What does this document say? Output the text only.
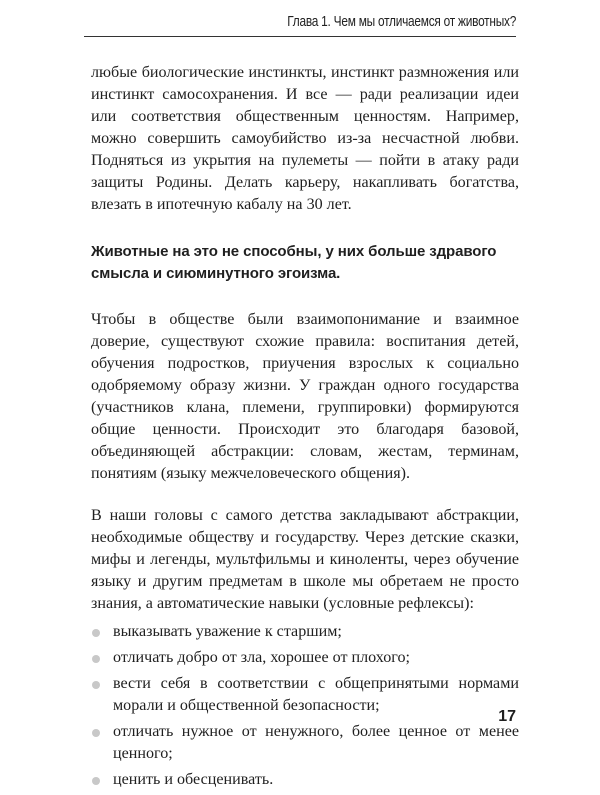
Глава 1. Чем мы отличаемся от животных?

любые биологические инстинкты, инстинкт размножения или инстинкт самосохранения. И все — ради реализации идеи или соответствия общественным ценностям. Например, можно совершить самоубийство из-за несчастной любви. Подняться из укрытия на пулеметы — пойти в атаку ради защиты Родины. Делать карьеру, накапливать богатства, влезать в ипотечную кабалу на 30 лет.

Животные на это не способны, у них больше здравого смысла и сиюминутного эгоизма.

Чтобы в обществе были взаимопонимание и взаимное доверие, существуют схожие правила: воспитания детей, обучения подростков, приучения взрослых к социально одобряемому образу жизни. У граждан одного государства (участников клана, племени, группировки) формируются общие ценности. Происходит это благодаря базовой, объединяющей абстракции: словам, жестам, терминам, понятиям (языку межчеловеческого общения).

В наши головы с самого детства закладывают абстракции, необходимые обществу и государству. Через детские сказки, мифы и легенды, мультфильмы и киноленты, через обучение языку и другим предметам в школе мы обретаем не просто знания, а автоматические навыки (условные рефлексы):

выказывать уважение к старшим;
отличать добро от зла, хорошее от плохого;
вести себя в соответствии с общепринятыми нормами морали и общественной безопасности;
отличать нужное от ненужного, более ценное от менее ценного;
ценить и обесценивать.
17
